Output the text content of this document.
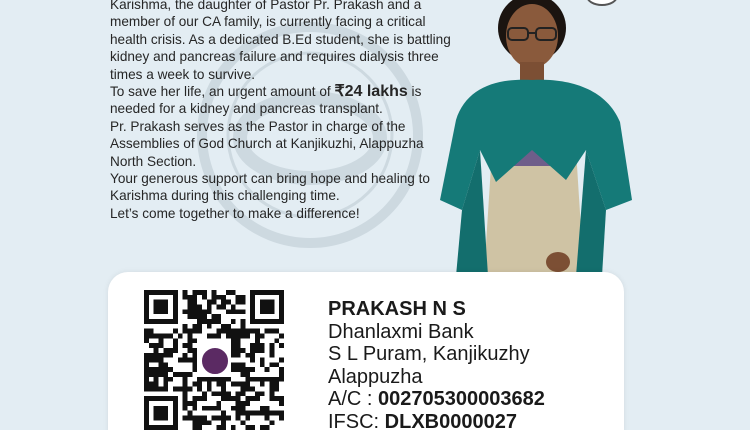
Karishma, the daughter of Pastor Pr. Prakash and a member of our CA family, is currently facing a critical health crisis. As a dedicated B.Ed student, she is battling kidney and pancreas failure and requires dialysis three times a week to survive.

To save her life, an urgent amount of ₹24 lakhs is needed for a kidney and pancreas transplant.

Pr. Prakash serves as the Pastor in charge of the Assemblies of God Church at Kanjikuzhi, Alappuzha North Section.

Your generous support can bring hope and healing to Karishma during this challenging time.

Let’s come together to make a difference!

PRAKASH N S
Dhanlaxmi Bank
S L Puram, Kanjikuzhy
Alappuzha
A/C : 002705300003682
IFSC: DLXB0000027
